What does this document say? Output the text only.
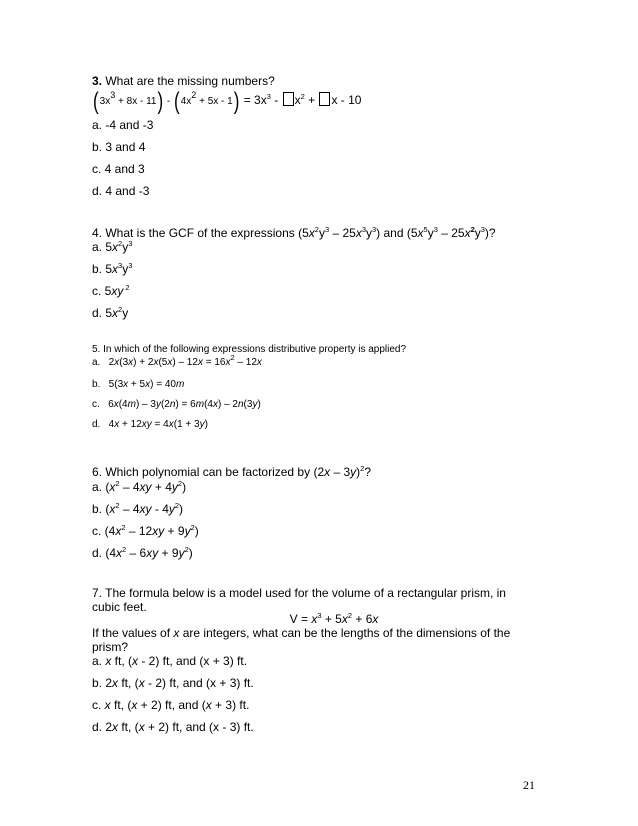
3. What are the missing numbers?
$(3x^3 + 8x - 11) - (4x^2 + 5x - 1) = 3x^3 - x^2 + x - 10$
a. -4 and -3
b. 3 and 4
c. 4 and 3
d. 4 and -3
4. What is the GCF of the expressions $(5x^2y^3 - 25x^3y^3)$ and $(5x^5y^3 - 25x^2y^3)$?
a. $5x^2y^3$
b. $5x^3y^3$
c. 5xy $^2$
d. $5x^2y$
5. In which of the following expressions distributive property is applied?
a.   $2x(3x) + 2x(5x) - 12x = 16x^2 - 12x$
b.   5(3x + 5x) = 40m
c.   6x(4m) – 3y(2n) = 6m(4x) – 2n(3y)
d.   4x + 12xy = 4x(1 + 3y)
6. Which polynomial can be factorized by (2x – 3y)$^2$?
a. $(x^2 - 4xy + 4y^2)$
b. $(x^2 - 4xy - 4y^2)$
c. $(4x^2 - 12xy + 9y^2)$
d. $(4x^2 - 6xy + 9y^2)$
7. The formula below is a model used for the volume of a rectangular prism, in
cubic feet.
$V = x^3 + 5x^2 + 6x$
If the values of x are integers, what can be the lengths of the dimensions of the
prism?
a. x ft, (x - 2) ft, and (x + 3) ft.
b. 2x ft, (x - 2) ft, and (x + 3) ft.
c. x ft, (x + 2) ft, and (x + 3) ft.
d. 2x ft, (x + 2) ft, and (x - 3) ft.
21
